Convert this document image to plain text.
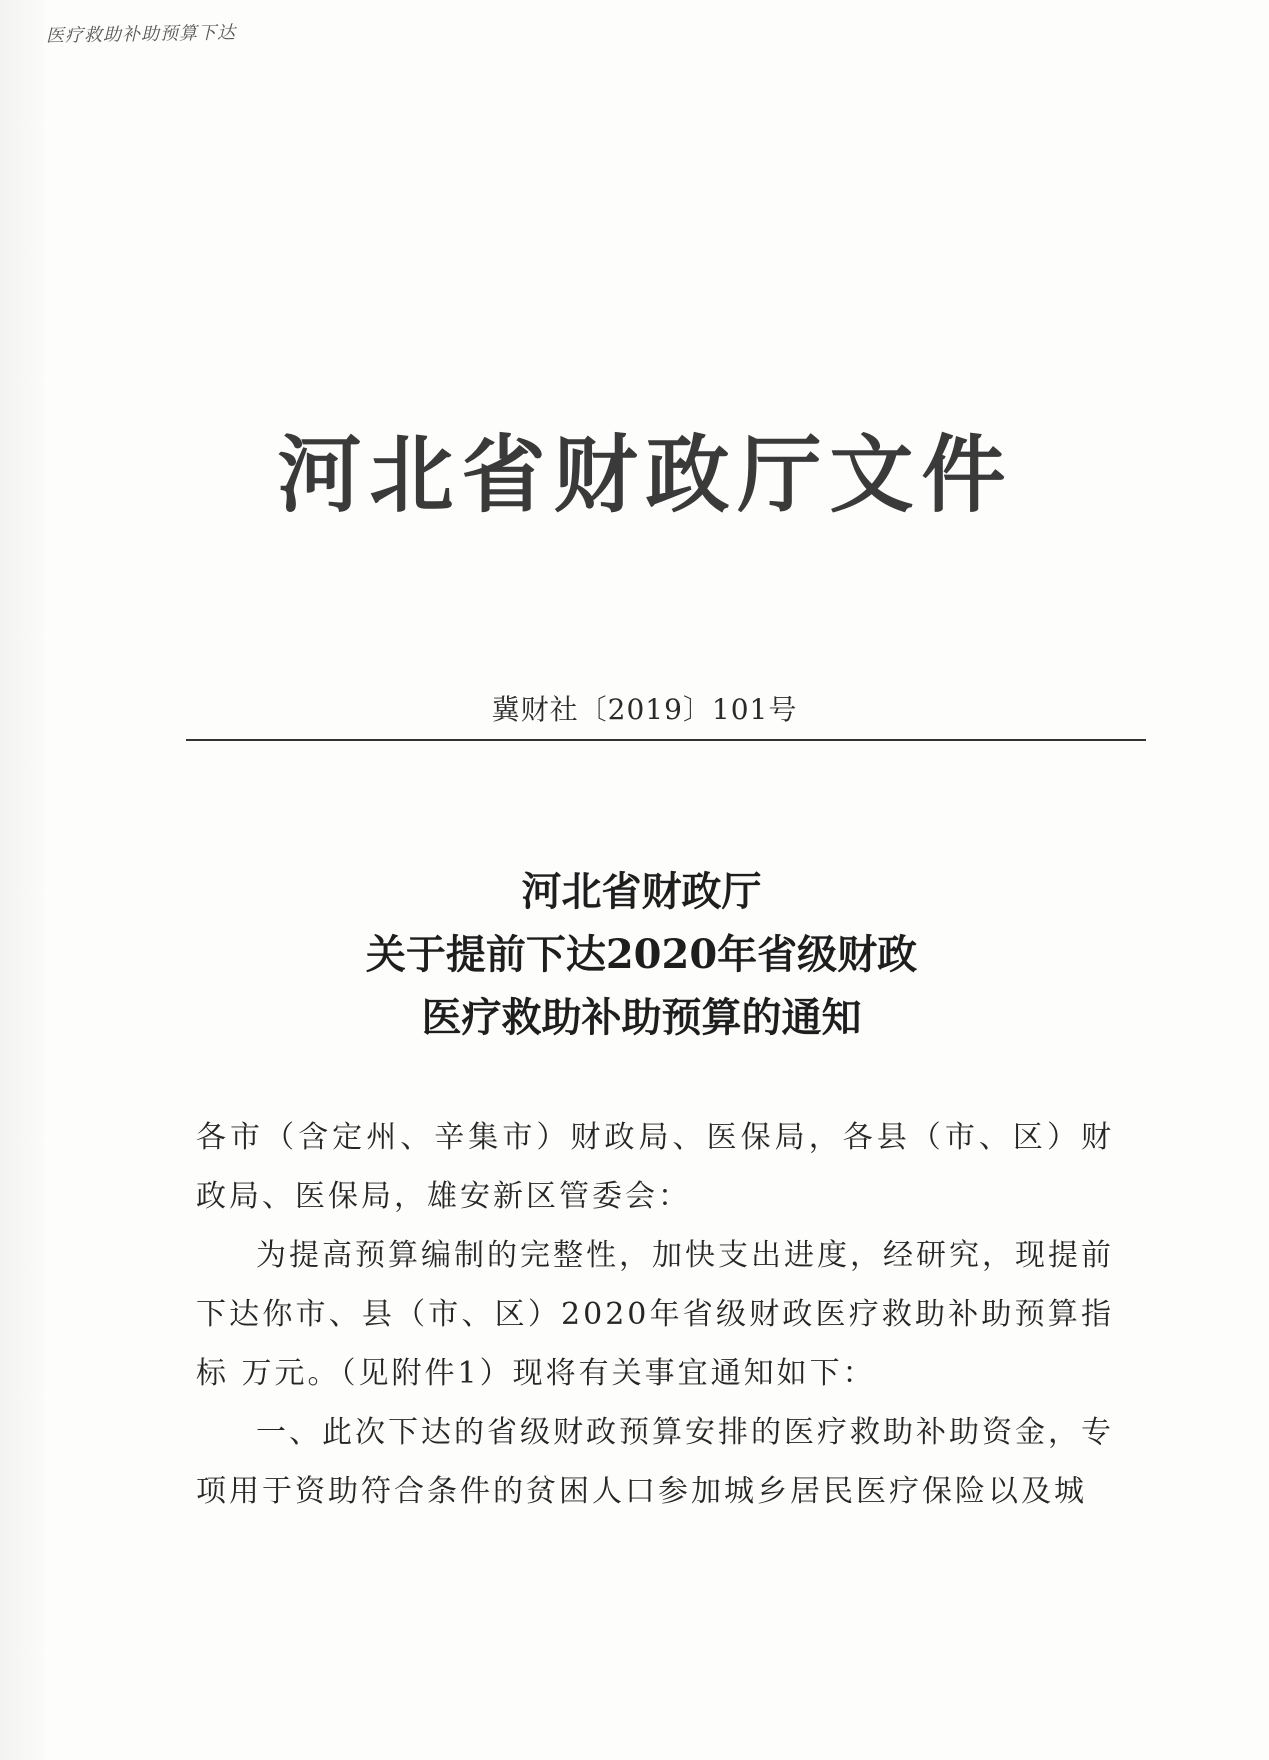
医疗救助补助预算下达
河北省财政厅文件
冀财社〔2019〕101号
河北省财政厅
关于提前下达2020年省级财政
医疗救助补助预算的通知

各市（含定州、辛集市）财政局、医保局，各县（市、区）财政局、医保局，雄安新区管委会：

为提高预算编制的完整性，加快支出进度，经研究，现提前下达你市、县（市、区）2020年省级财政医疗救助补助预算指标 万元。（见附件1）现将有关事宜通知如下：

一、此次下达的省级财政预算安排的医疗救助补助资金，专项用于资助符合条件的贫困人口参加城乡居民医疗保险以及城
